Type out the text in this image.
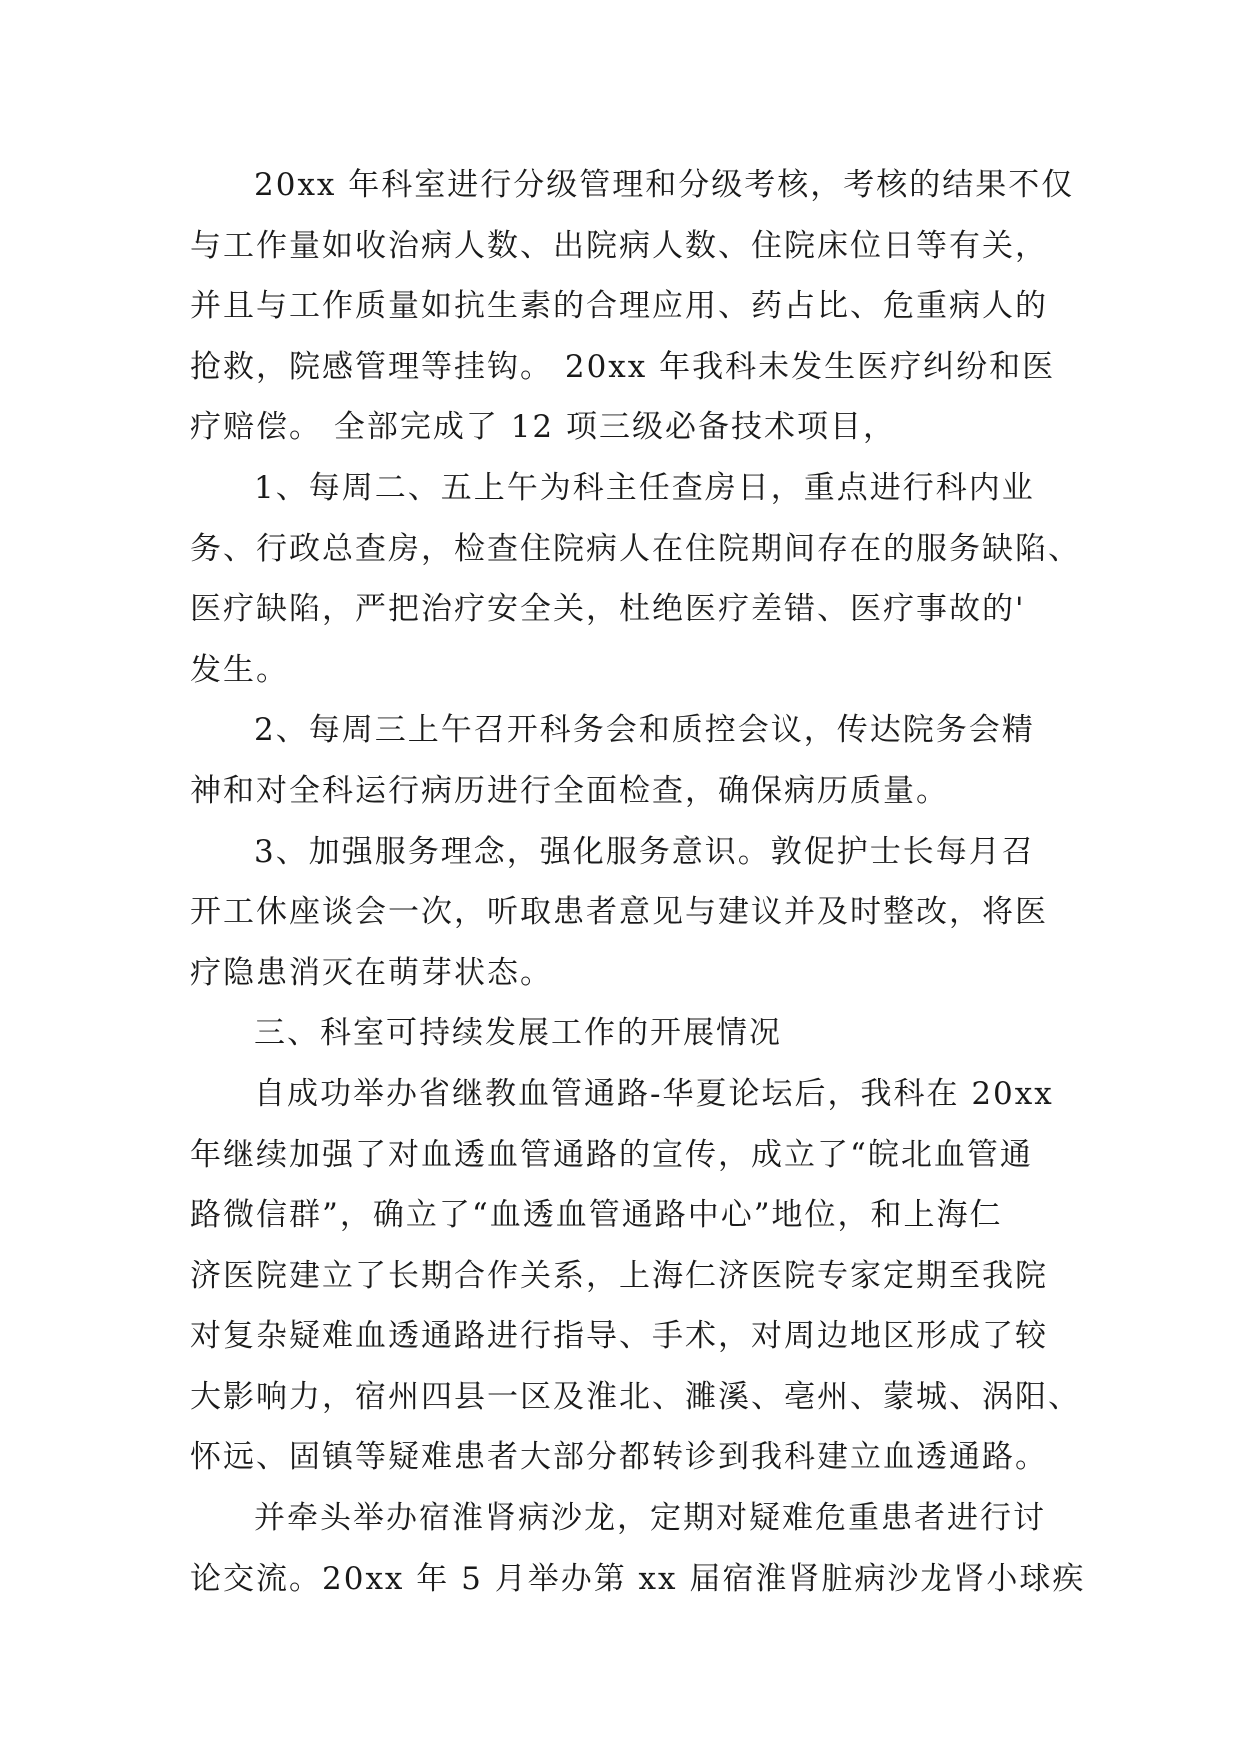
20xx 年科室进行分级管理和分级考核，考核的结果不仅
与工作量如收治病人数、出院病人数、住院床位日等有关，
并且与工作质量如抗生素的合理应用、药占比、危重病人的
抢救，院感管理等挂钩。 20xx 年我科未发生医疗纠纷和医
疗赔偿。 全部完成了 12 项三级必备技术项目，
1、每周二、五上午为科主任查房日，重点进行科内业
务、行政总查房，检查住院病人在住院期间存在的服务缺陷、
医疗缺陷，严把治疗安全关，杜绝医疗差错、医疗事故的'
发生。
2、每周三上午召开科务会和质控会议，传达院务会精
神和对全科运行病历进行全面检查，确保病历质量。
3、加强服务理念，强化服务意识。敦促护士长每月召
开工休座谈会一次，听取患者意见与建议并及时整改，将医
疗隐患消灭在萌芽状态。
三、科室可持续发展工作的开展情况
自成功举办省继教血管通路-华夏论坛后，我科在 20xx
年继续加强了对血透血管通路的宣传，成立了“皖北血管通
路微信群”，确立了“血透血管通路中心”地位，和上海仁
济医院建立了长期合作关系，上海仁济医院专家定期至我院
对复杂疑难血透通路进行指导、手术，对周边地区形成了较
大影响力，宿州四县一区及淮北、濉溪、亳州、蒙城、涡阳、
怀远、固镇等疑难患者大部分都转诊到我科建立血透通路。
并牵头举办宿淮肾病沙龙，定期对疑难危重患者进行讨
论交流。20xx 年 5 月举办第 xx 届宿淮肾脏病沙龙肾小球疾
